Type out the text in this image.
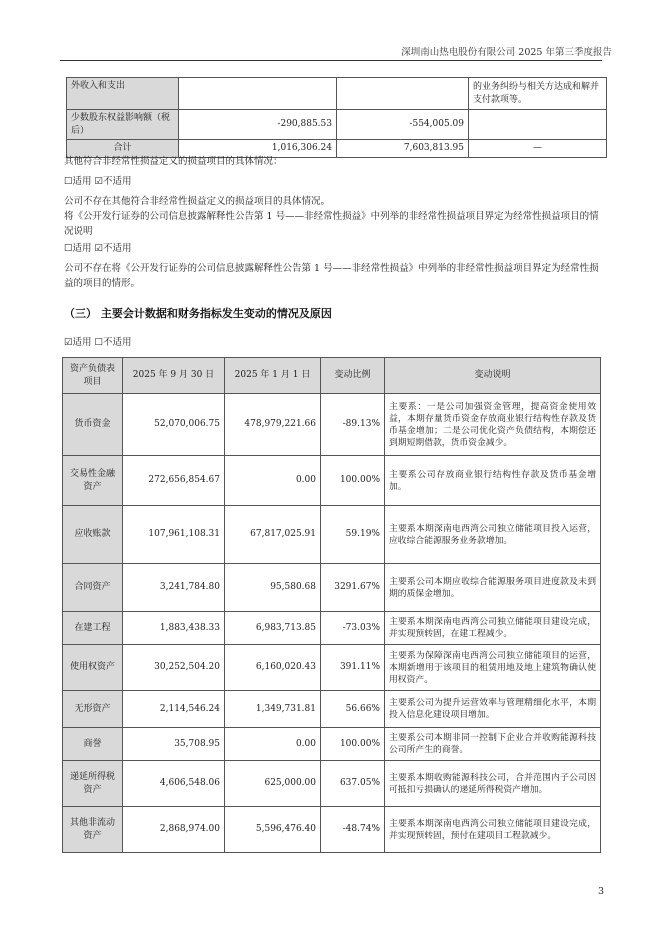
深圳南山热电股份有限公司 2025 年第三季度报告
外收入和支出			的业务纠纷与相关方达成和解并支付款项等。
少数股东权益影响额（税后）	-290,885.53	-554,005.09	
合计	1,016,306.24	7,603,813.95	—
其他符合非经常性损益定义的损益项目的具体情况：
☐适用 ☑不适用
公司不存在其他符合非经常性损益定义的损益项目的具体情况。
将《公开发行证券的公司信息披露解释性公告第 1 号——非经常性损益》中列举的非经常性损益项目界定为经常性损益项目的情况说明
☐适用 ☑不适用
公司不存在将《公开发行证券的公司信息披露解释性公告第 1 号——非经常性损益》中列举的非经常性损益项目界定为经常性损益的项目的情形。
（三） 主要会计数据和财务指标发生变动的情况及原因
☑适用 ☐不适用
资产负债表项目	2025 年 9 月 30 日	2025 年 1 月 1 日	变动比例	变动说明
货币资金	52,070,006.75	478,979,221.66	-89.13%	主要系：一是公司加强资金管理，提高资金使用效益，本期存量货币资金存放商业银行结构性存款及货币基金增加；二是公司优化资产负债结构，本期偿还到期短期借款，货币资金减少。
交易性金融资产	272,656,854.67	0.00	100.00%	主要系公司存放商业银行结构性存款及货币基金增加。
应收账款	107,961,108.31	67,817,025.91	59.19%	主要系本期深南电西湾公司独立储能项目投入运营，应收综合能源服务业务款增加。
合同资产	3,241,784.80	95,580.68	3291.67%	主要系公司本期应收综合能源服务项目进度款及未到期的质保金增加。
在建工程	1,883,438.33	6,983,713.85	-73.03%	主要系本期深南电西湾公司独立储能项目建设完成，并实现预转固，在建工程减少。
使用权资产	30,252,504.20	6,160,020.43	391.11%	主要系为保障深南电西湾公司独立储能项目的运营，本期新增用于该项目的租赁用地及地上建筑物确认使用权资产。
无形资产	2,114,546.24	1,349,731.81	56.66%	主要系公司为提升运营效率与管理精细化水平，本期投入信息化建设项目增加。
商誉	35,708.95	0.00	100.00%	主要系公司本期非同一控制下企业合并收购能源科技公司所产生的商誉。
递延所得税资产	4,606,548.06	625,000.00	637.05%	主要系本期收购能源科技公司，合并范围内子公司因可抵扣亏损确认的递延所得税资产增加。
其他非流动资产	2,868,974.00	5,596,476.40	-48.74%	主要系本期深南电西湾公司独立储能项目建设完成，并实现预转固，预付在建项目工程款减少。
3
